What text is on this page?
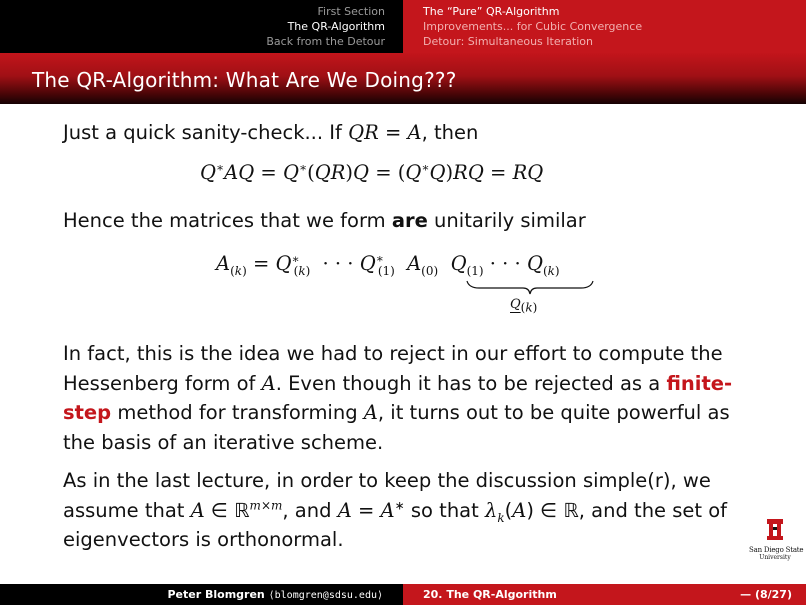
First Section
The QR-Algorithm
Back from the Detour
The “Pure” QR-Algorithm
Improvements... for Cubic Convergence
Detour: Simultaneous Iteration
The QR-Algorithm: What Are We Doing???

Just a quick sanity-check... If QR = A, then

Q∗AQ = Q∗(QR)Q = (Q∗Q)RQ = RQ

Hence the matrices that we form are unitarily similar

$A_{(k)} = Q^∗_{(k)}$ · · · $Q^∗_{(1)}$ $A_{(0)}$ $Q_{(1)}$ · · · $Q_{(k)}$
$Q_{(k)}$

In fact, this is the idea we had to reject in our effort to compute the Hessenberg form of A. Even though it has to be rejected as a finite-step method for transforming A, it turns out to be quite powerful as the basis of an iterative scheme.

As in the last lecture, in order to keep the discussion simple(r), we assume that A ∈ ℝ$^{m\times m}$, and A = A∗ so that $\lambda_k(A)$ ∈ ℝ, and the set of eigenvectors is orthonormal.	San Diego State
University
Peter Blomgren ⟨blomgren@sdsu.edu⟩	20. The QR-Algorithm	— (8/27)
